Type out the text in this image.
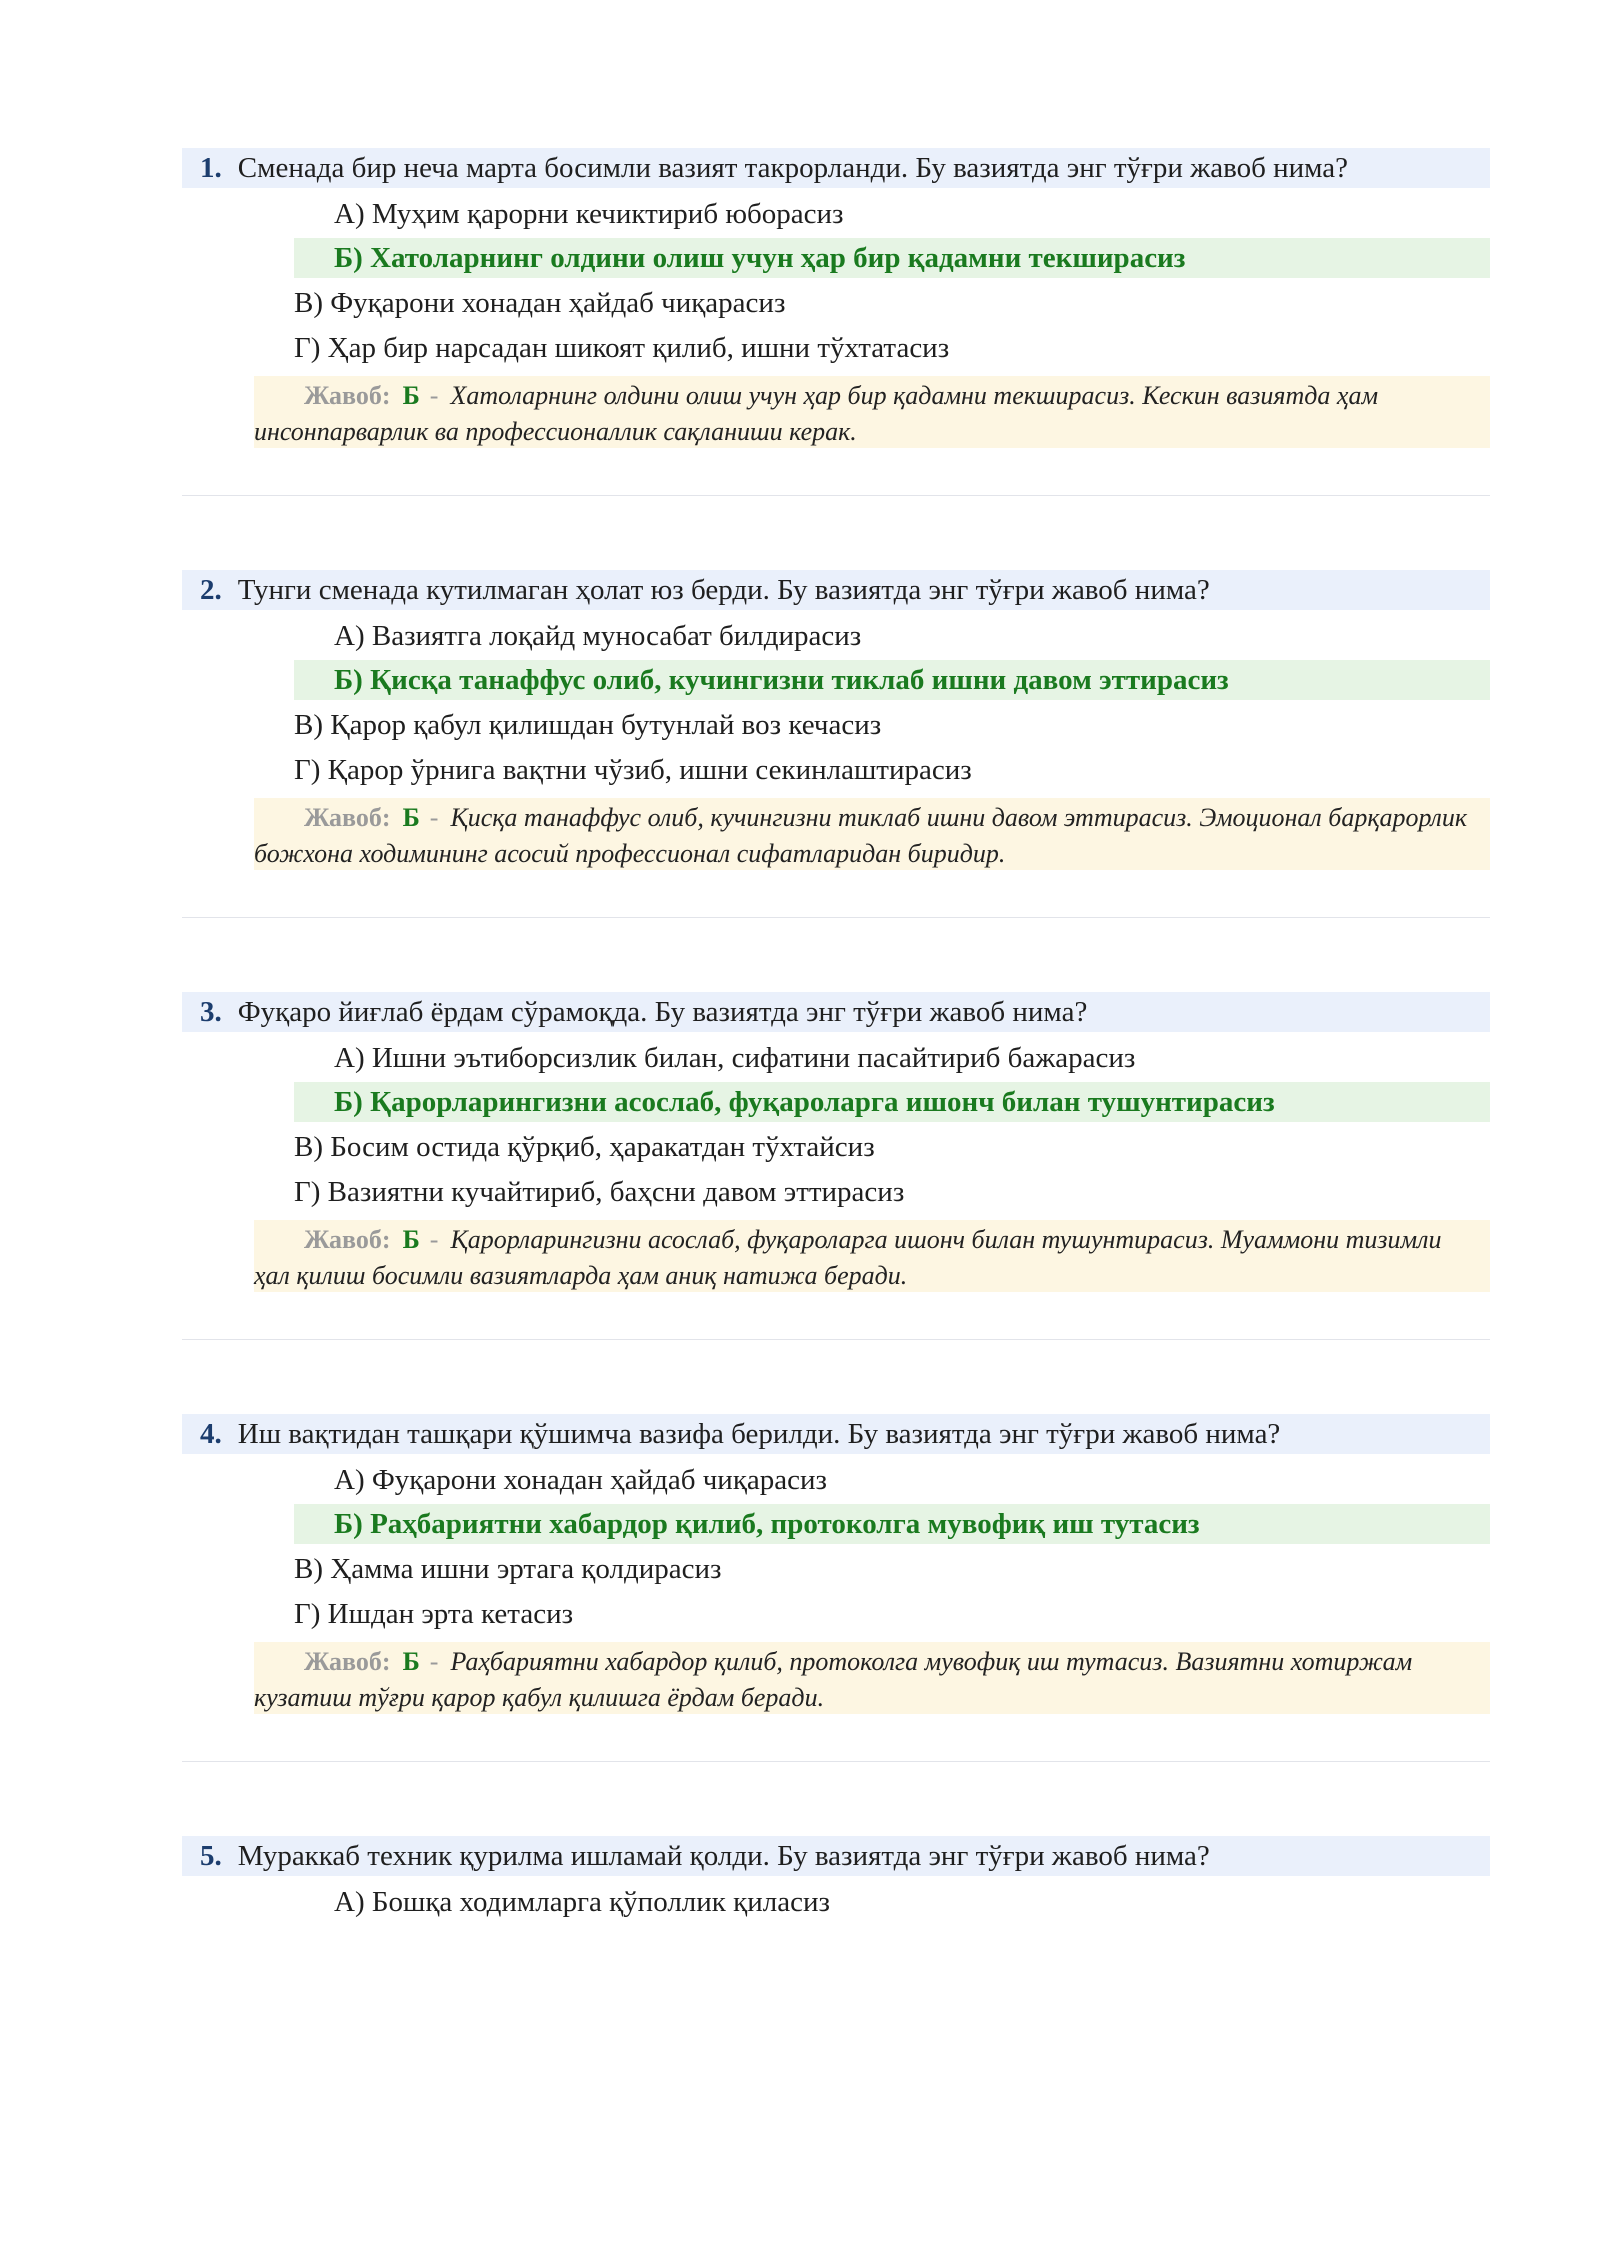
1. Сменада бир неча марта босимли вазият такрорланди. Бу вазиятда энг тўғри жавоб нима?
А) Муҳим қарорни кечиктириб юборасиз
Б) Хатоларнинг олдини олиш учун ҳар бир қадамни текширасиз
В) Фуқарони хонадан ҳайдаб чиқарасиз
Г) Ҳар бир нарсадан шикоят қилиб, ишни тўхтатасиз
Жавоб: Б - Хатоларнинг олдини олиш учун ҳар бир қадамни текширасиз. Кескин вазиятда ҳам инсонпарварлик ва профессионаллик сақланиши керак.
2. Тунги сменада кутилмаган ҳолат юз берди. Бу вазиятда энг тўғри жавоб нима?
А) Вазиятга лоқайд муносабат билдирасиз
Б) Қисқа танаффус олиб, кучингизни тиклаб ишни давом эттирасиз
В) Қарор қабул қилишдан бутунлай воз кечасиз
Г) Қарор ўрнига вақтни чўзиб, ишни секинлаштирасиз
Жавоб: Б - Қисқа танаффус олиб, кучингизни тиклаб ишни давом эттирасиз. Эмоционал барқарорлик божхона ходимининг асосий профессионал сифатларидан биридир.
3. Фуқаро йиғлаб ёрдам сўрамоқда. Бу вазиятда энг тўғри жавоб нима?
А) Ишни эътиборсизлик билан, сифатини пасайтириб бажарасиз
Б) Қарорларингизни асослаб, фуқароларга ишонч билан тушунтирасиз
В) Босим остида қўрқиб, ҳаракатдан тўхтайсиз
Г) Вазиятни кучайтириб, баҳсни давом эттирасиз
Жавоб: Б - Қарорларингизни асослаб, фуқароларга ишонч билан тушунтирасиз. Муаммони тизимли ҳал қилиш босимли вазиятларда ҳам аниқ натижа беради.
4. Иш вақтидан ташқари қўшимча вазифа берилди. Бу вазиятда энг тўғри жавоб нима?
А) Фуқарони хонадан ҳайдаб чиқарасиз
Б) Раҳбариятни хабардор қилиб, протоколга мувофиқ иш тутасиз
В) Ҳамма ишни эртага қолдирасиз
Г) Ишдан эрта кетасиз
Жавоб: Б - Раҳбариятни хабардор қилиб, протоколга мувофиқ иш тутасиз. Вазиятни хотиржам кузатиш тўғри қарор қабул қилишга ёрдам беради.
5. Мураккаб техник қурилма ишламай қолди. Бу вазиятда энг тўғри жавоб нима?
А) Бошқа ходимларга қўполлик қиласиз
